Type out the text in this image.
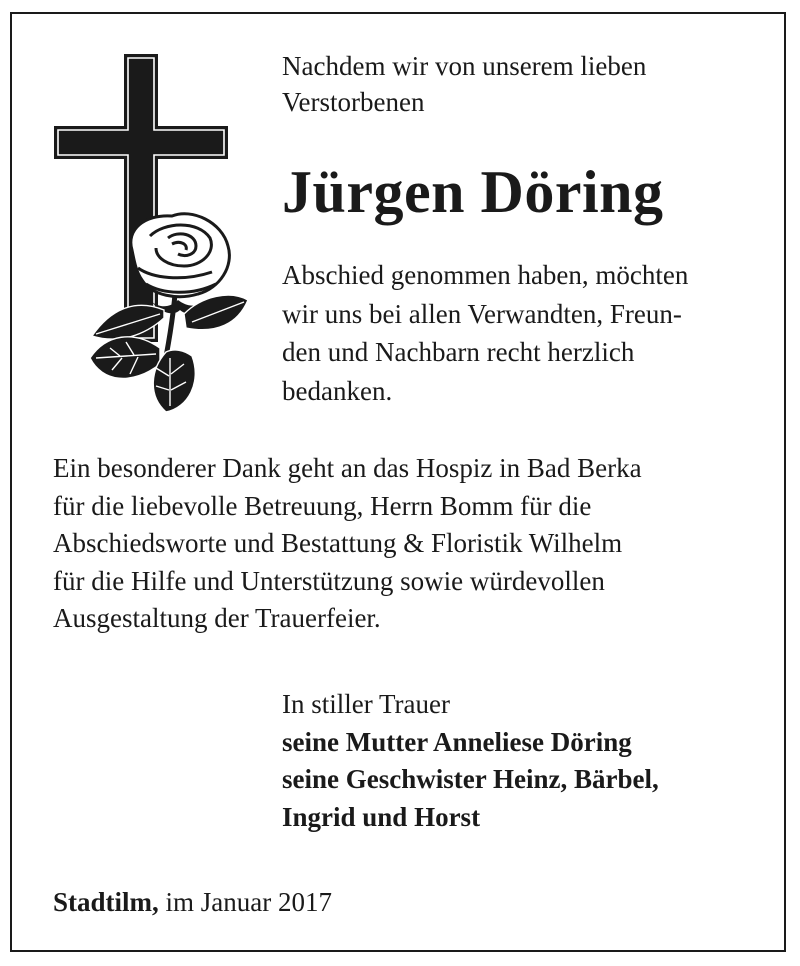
Nachdem wir von unserem lieben
Verstorbenen
Jürgen Döring
Abschied genommen haben, möchten
wir uns bei allen Verwandten, Freun-
den und Nachbarn recht herzlich
bedanken.
Ein besonderer Dank geht an das Hospiz in Bad Berka
für die liebevolle Betreuung, Herrn Bomm für die
Abschiedsworte und Bestattung & Floristik Wilhelm
für die Hilfe und Unterstützung sowie würdevollen
Ausgestaltung der Trauerfeier.
In stiller Trauer
seine Mutter Anneliese Döring
seine Geschwister Heinz, Bärbel,
Ingrid und Horst
Stadtilm, im Januar 2017
